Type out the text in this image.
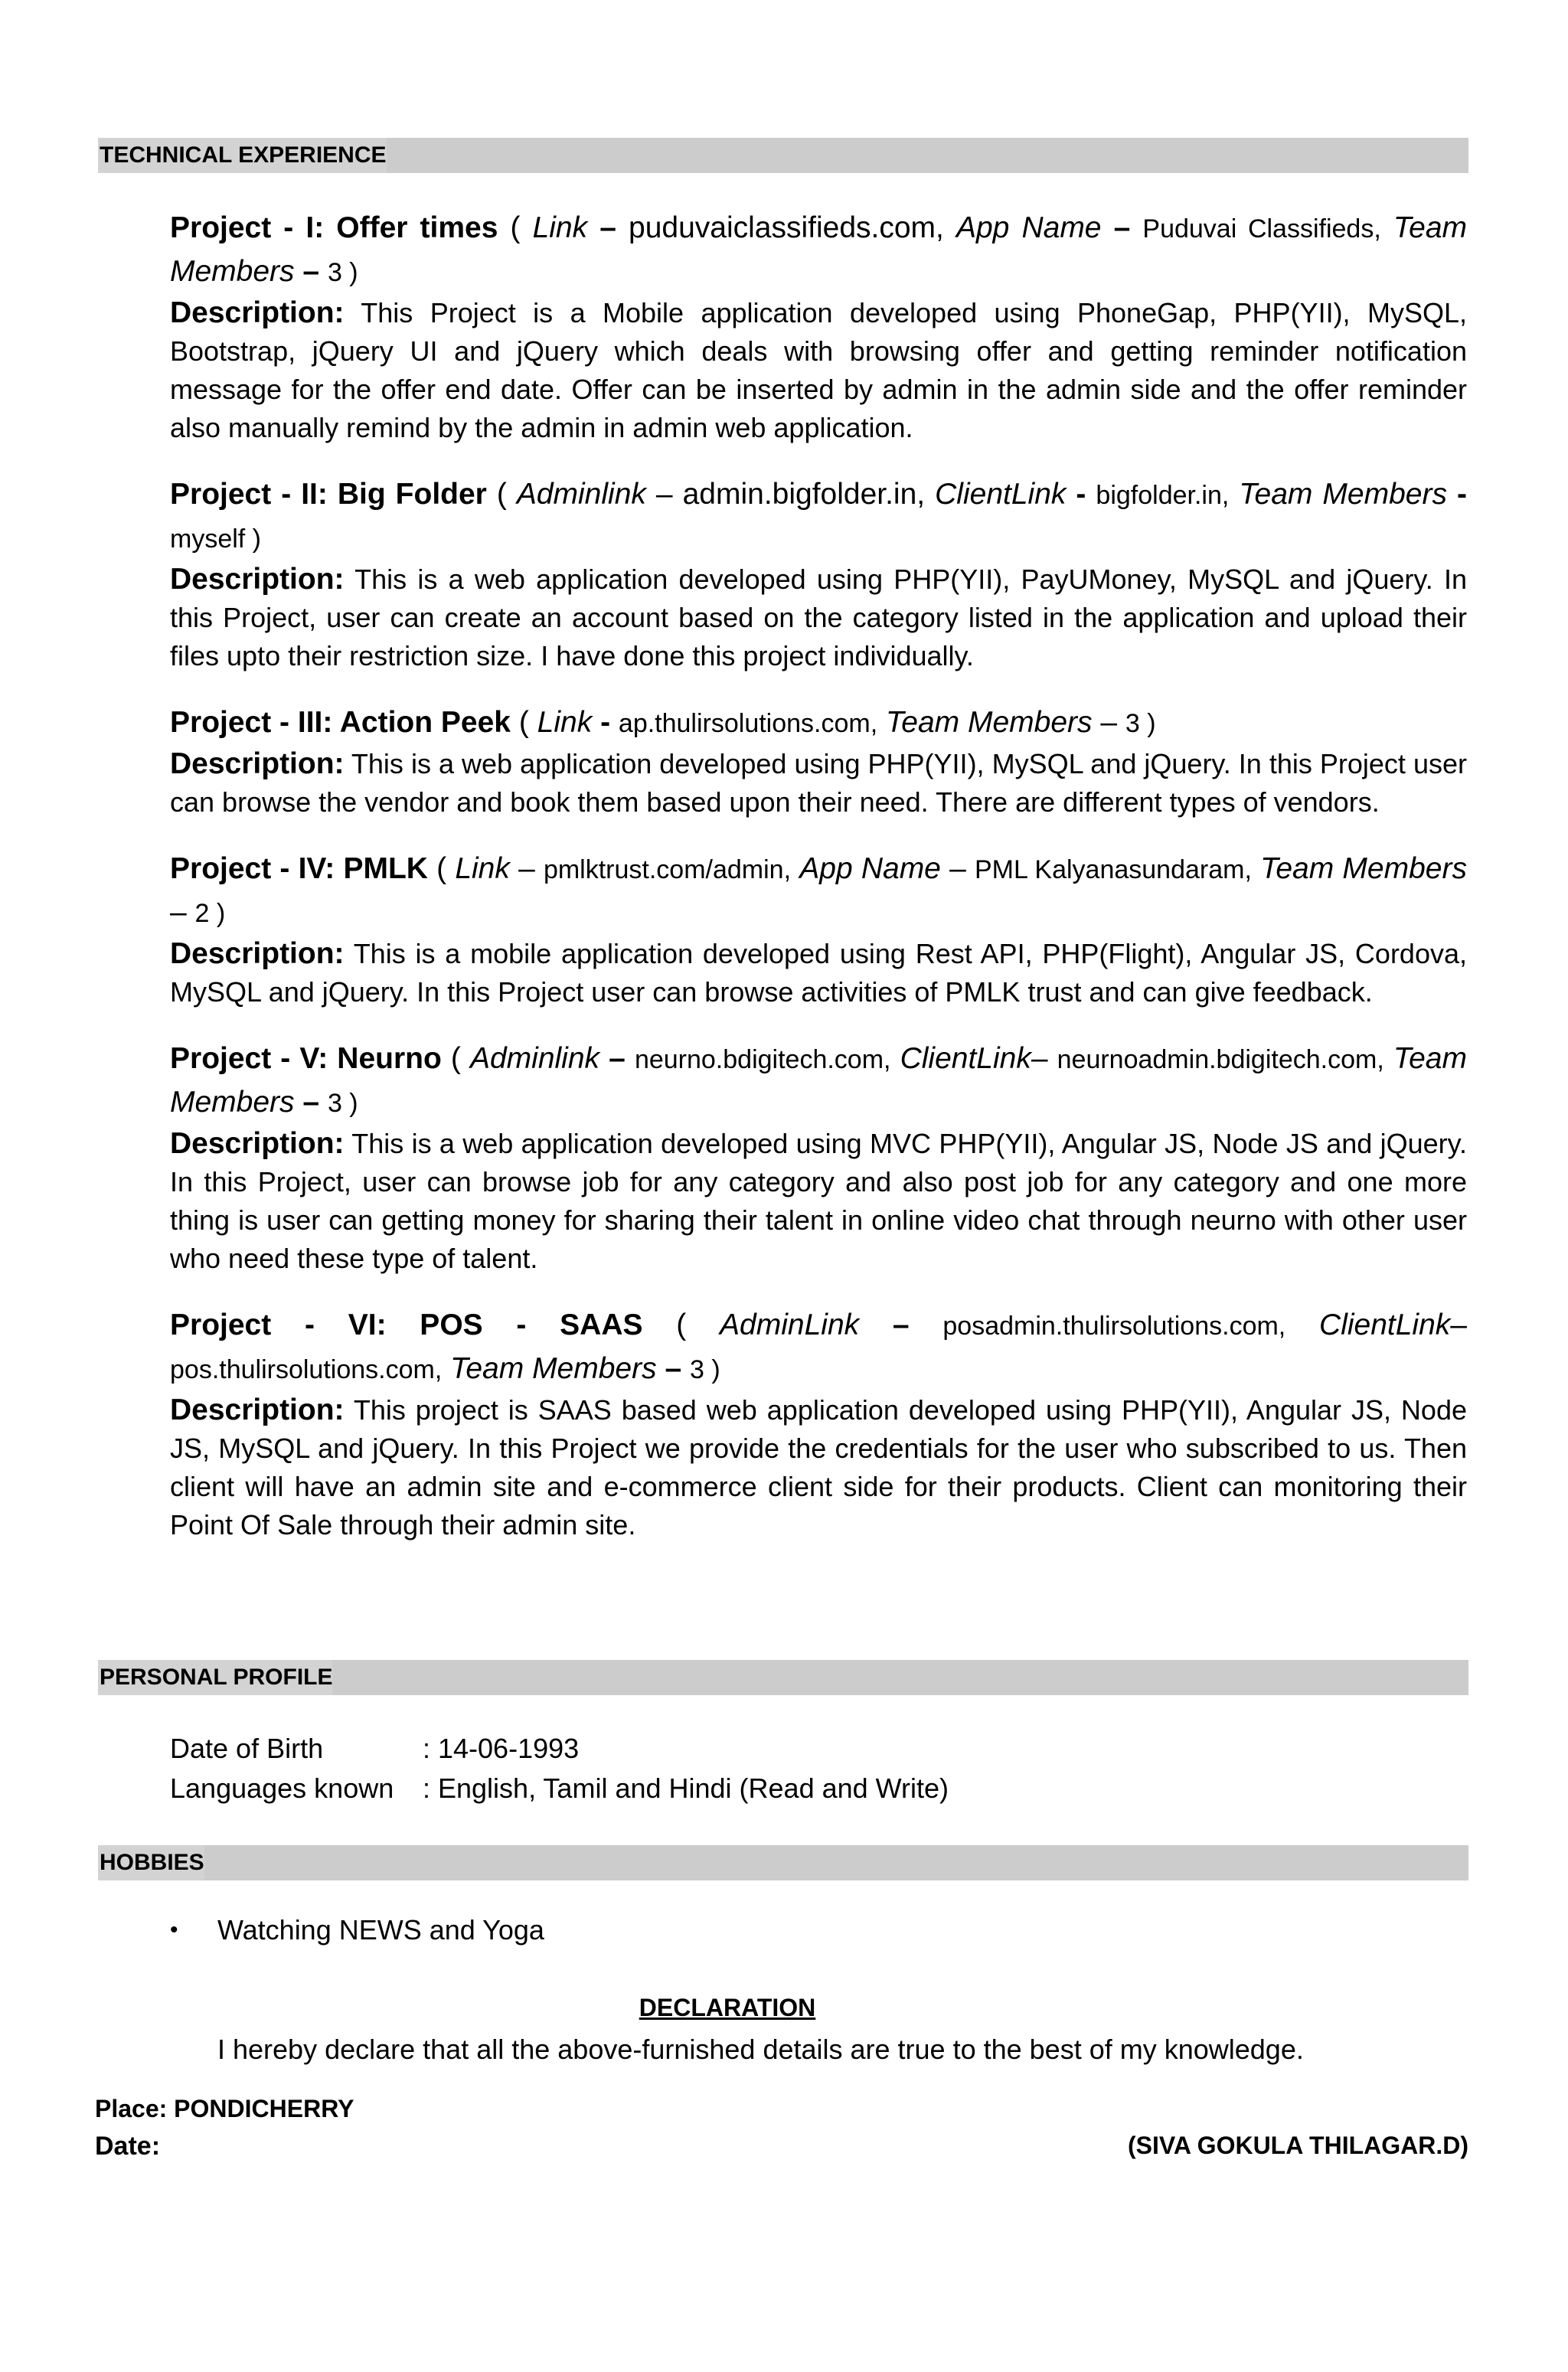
TECHNICAL EXPERIENCE
Project - I: Offer times ( Link – puduvaiclassifieds.com, App Name – Puduvai Classifieds, Team Members – 3 )
Description: This Project is a Mobile application developed using PhoneGap, PHP(YII), MySQL, Bootstrap, jQuery UI and jQuery which deals with browsing offer and getting reminder notification message for the offer end date. Offer can be inserted by admin in the admin side and the offer reminder also manually remind by the admin in admin web application.
Project - II: Big Folder ( Adminlink – admin.bigfolder.in, ClientLink - bigfolder.in, Team Members - myself )
Description: This is a web application developed using PHP(YII), PayUMoney, MySQL and jQuery. In this Project, user can create an account based on the category listed in the application and upload their files upto their restriction size. I have done this project individually.
Project - III: Action Peek ( Link - ap.thulirsolutions.com, Team Members – 3 )
Description: This is a web application developed using PHP(YII), MySQL and jQuery. In this Project user can browse the vendor and book them based upon their need. There are different types of vendors.
Project - IV: PMLK ( Link – pmlktrust.com/admin, App Name – PML Kalyanasundaram, Team Members – 2 )
Description: This is a mobile application developed using Rest API, PHP(Flight), Angular JS, Cordova, MySQL and jQuery. In this Project user can browse activities of PMLK trust and can give feedback.
Project - V: Neurno ( Adminlink – neurno.bdigitech.com, ClientLink– neurnoadmin.bdigitech.com, Team Members – 3 )
Description: This is a web application developed using MVC PHP(YII), Angular JS, Node JS and jQuery. In this Project, user can browse job for any category and also post job for any category and one more thing is user can getting money for sharing their talent in online video chat through neurno with other user who need these type of talent.
Project - VI: POS - SAAS ( AdminLink – posadmin.thulirsolutions.com, ClientLink– pos.thulirsolutions.com, Team Members – 3 )
Description: This project is SAAS based web application developed using PHP(YII), Angular JS, Node JS, MySQL and jQuery. In this Project we provide the credentials for the user who subscribed to us. Then client will have an admin site and e-commerce client side for their products. Client can monitoring their Point Of Sale through their admin site.
PERSONAL PROFILE
Date of Birth	: 14-06-1993
Languages known	: English, Tamil and Hindi (Read and Write)
HOBBIES
•	Watching NEWS and Yoga
DECLARATION
I hereby declare that all the above-furnished details are true to the best of my knowledge.
Place: PONDICHERRY
Date:	(SIVA GOKULA THILAGAR.D)
